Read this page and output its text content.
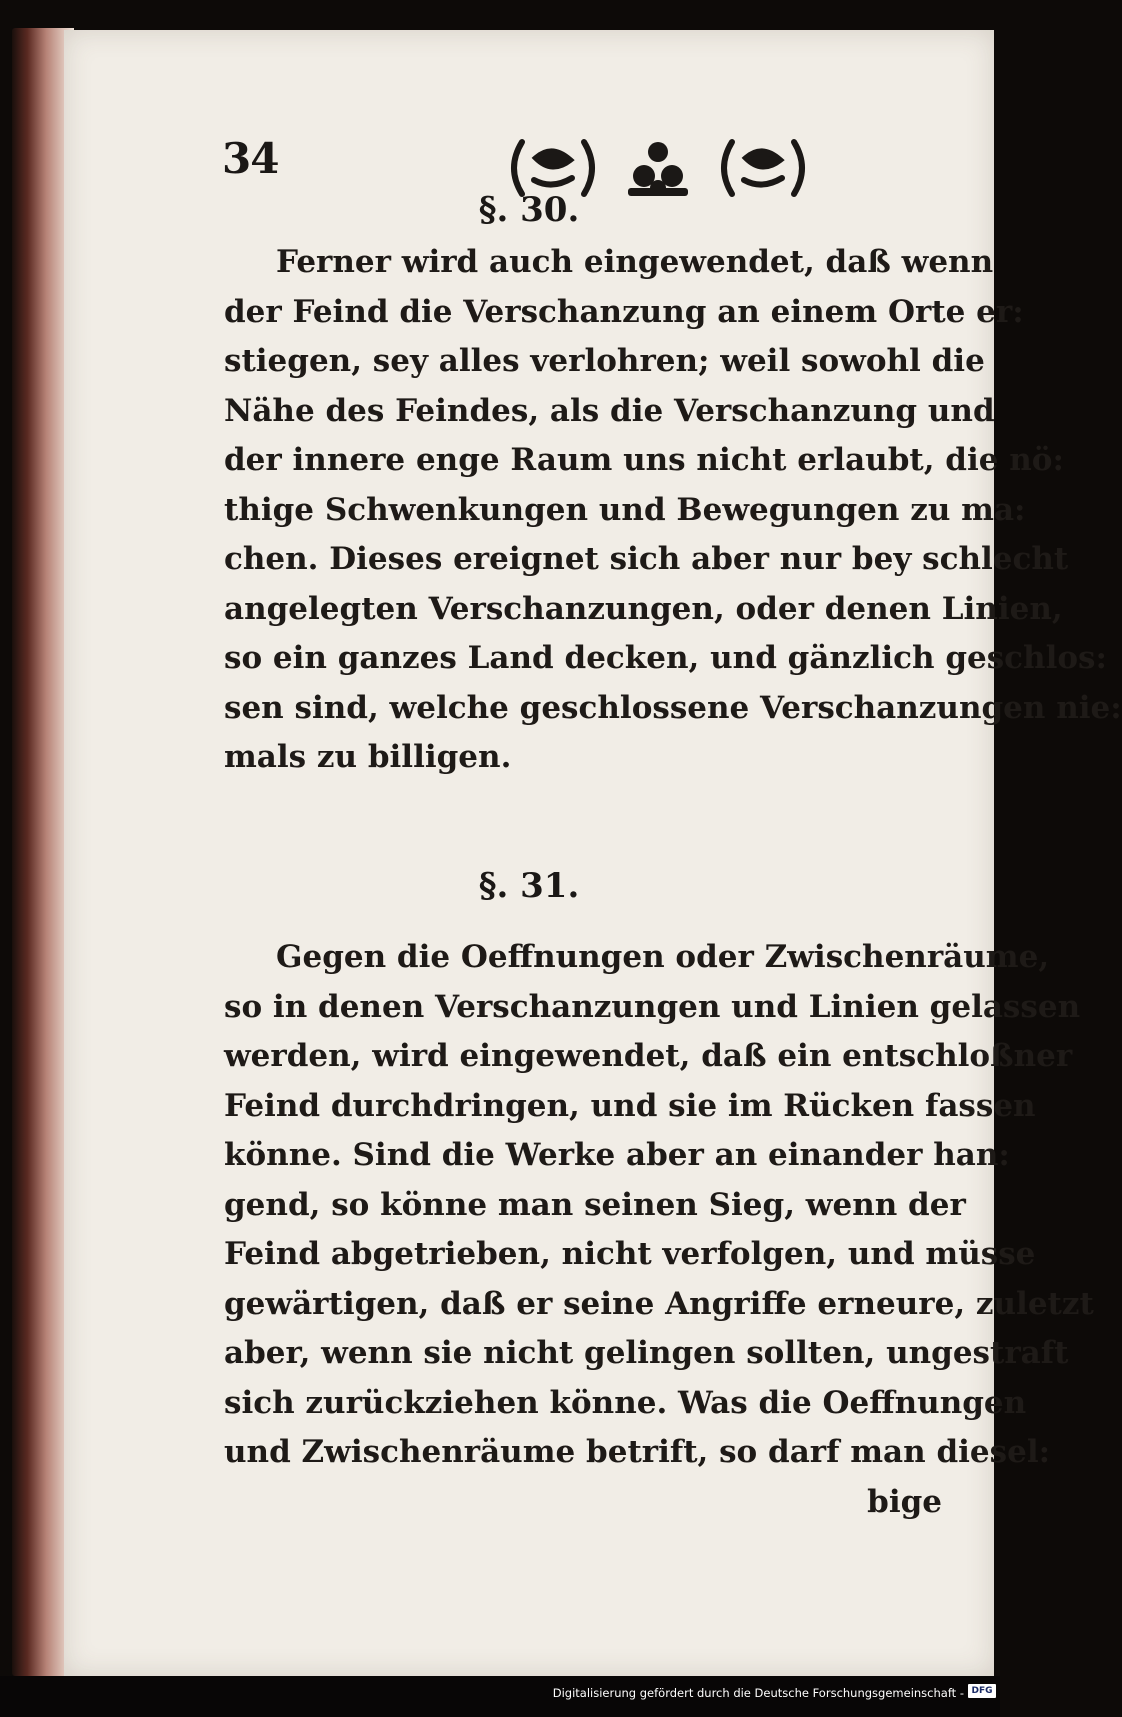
34
§. 30.
Ferner wird auch eingewendet, daß wenn
der Feind die Verschanzung an einem Orte er:
stiegen, sey alles verlohren; weil sowohl die
Nähe des Feindes, als die Verschanzung und
der innere enge Raum uns nicht erlaubt, die nö:
thige Schwenkungen und Bewegungen zu ma:
chen. Dieses ereignet sich aber nur bey schlecht
angelegten Verschanzungen, oder denen Linien,
so ein ganzes Land decken, und gänzlich geschlos:
sen sind, welche geschlossene Verschanzungen nie:
mals zu billigen.
§. 31.
Gegen die Oeffnungen oder Zwischenräume,
so in denen Verschanzungen und Linien gelassen
werden, wird eingewendet, daß ein entschloßner
Feind durchdringen, und sie im Rücken fassen
könne. Sind die Werke aber an einander han:
gend, so könne man seinen Sieg, wenn der
Feind abgetrieben, nicht verfolgen, und müsse
gewärtigen, daß er seine Angriffe erneure, zuletzt
aber, wenn sie nicht gelingen sollten, ungestraft
sich zurückziehen könne. Was die Oeffnungen
und Zwischenräume betrift, so darf man diesel:
bige
Digitalisierung gefördert durch die Deutsche Forschungsgemeinschaft - DFG
